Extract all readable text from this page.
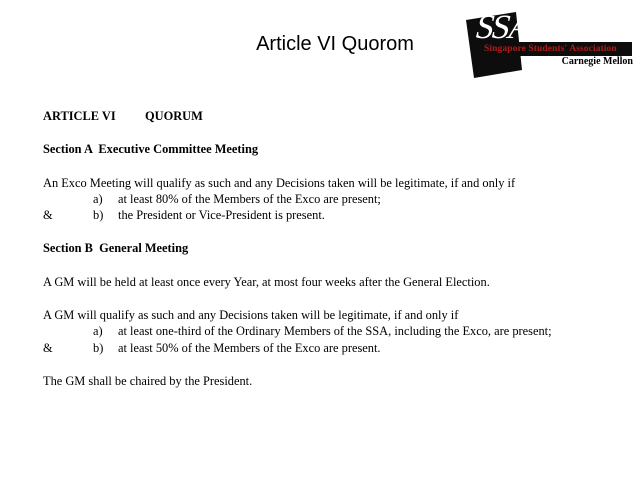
Article VI Quorom	SSA
Singapore Students' Association
Carnegie Mellon
ARTICLE VI QUORUM
Section A  Executive Committee Meeting
An Exco Meeting will qualify as such and any Decisions taken will be legitimate, if and only if
a) at least 80% of the Members of the Exco are present;
&	b) the President or Vice-President is present.
Section B  General Meeting
A GM will be held at least once every Year, at most four weeks after the General Election.
A GM will qualify as such and any Decisions taken will be legitimate, if and only if
a) at least one-third of the Ordinary Members of the SSA, including the Exco, are present;
&	b) at least 50% of the Members of the Exco are present.
The GM shall be chaired by the President.
